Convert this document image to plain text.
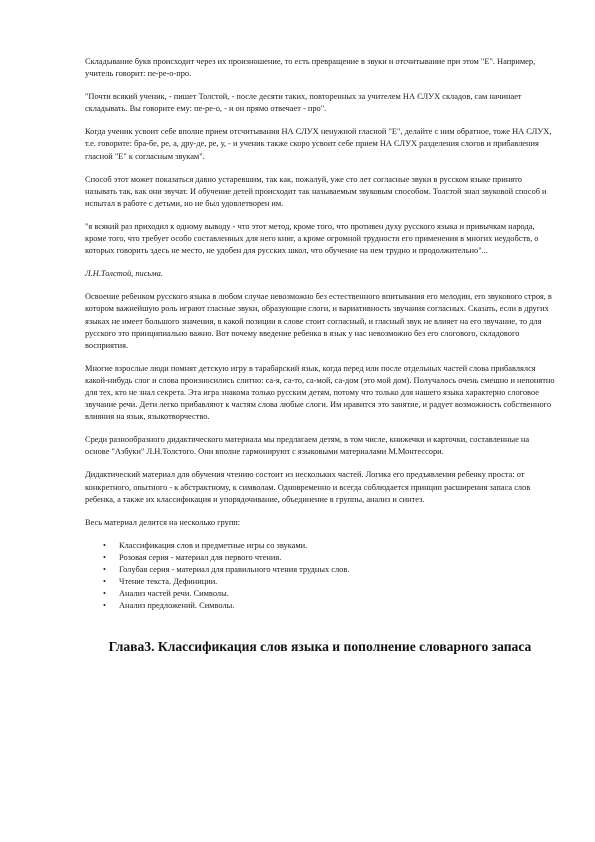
Складывание букв происходит через их произношение, то есть превращение в звуки и отсчитывание при этом "Е". Например, учитель говорит: пе-ре-о-про.

"Почти всякий ученик, - пишет Толстой, - после десяти таких, повторенных за учителем НА СЛУХ складов, сам начинает складывать. Вы говорите ему: пе-ре-о, - и он прямо отвечает - про".

Когда ученик усвоит себе вполне прием отсчитывания НА СЛУХ ненужной гласной "Е", делайте с ним обратное, тоже НА СЛУХ, т.е. говорите: бра-бе, ре, а, дру-де, ре, у, - и ученик также скоро усвоит себе прием НА СЛУХ разделения слогов и прибавления гласной "Е" к согласным звукам".

Способ этот может показаться давно устаревшим, так как, пожалуй, уже сто лет согласные звуки в русском языке принято называть так, как они звучат. И обучение детей происходит так называемым звуковым способом. Толстой знал звуковой способ и испытал в работе с детьми, но не был удовлетворен им.

"я всякий раз приходил к одному выводу - что этот метод, кроме того, что противен духу русского языка и привычкам народа, кроме того, что требует особо составленных для него книг, а кроме огромной трудности его применения в многих неудобств, о которых говорить здесь не место, не удобен для русских школ, что обучение на нем трудно и продолжительно"...

Л.Н.Толстой, письма.

Освоение ребенком русского языка в любом случае невозможно без естественного впитывания его мелодии, его звукового строя, в котором важнейшую роль играют гласные звуки, образующие слоги, и вариативность звучания согласных. Сказать, если в других языках не имеет большого значения, в какой позиции в слове стоит согласный, и гласный звук не влияет на его звучание, то для русского это принципиально важно. Вот почему введение ребенка в язык у нас невозможно без его слогового, складового восприятия.

Многие взрослые люди помнят детскую игру в тарабарский язык, когда перед или после отдельных частей слова прибавлялся какой-нибудь слог и слова произносились слитно: са-я, са-то, са-мой, са-дом (это мой дом). Получалось очень смешно и непонятно для тех, кто не знал секрета. Эта игра знакома только русским детям, потому что только для нашего языка характерно слоговое звучание речи. Дети легко прибавляют к частям слова любые слоги. Им нравится это занятие, и радует возможность собственного влияния на язык, языкотворчество.

Среди разнообразного дидактического материала мы предлагаем детям, в том числе, книжечки и карточки, составленные на основе "Азбуки" Л.Н.Толстого. Они вполне гармонируют с языковыми материалами М.Монтессори.

Дидактический материал для обучения чтению состоит из нескольких частей. Логика его предъявления ребенку проста: от конкретного, опытного - к абстрактному, к символам. Одновременно и всегда соблюдается принцип расширения запаса слов ребенка, а также их классификация и упорядочивание, объединение в группы, анализ и синтез.

Весь материал делится на несколько групп:

• Классификация слов и предметные игры со звуками.
• Розовая серия - материал для первого чтения.
• Голубая серия - материал для правильного чтения трудных слов.
• Чтение текста. Дефиниции.
• Анализ частей речи. Символы.
• Анализ предложений. Символы.
Глава3. Классификация слов языка и пополнение словарного запаса
